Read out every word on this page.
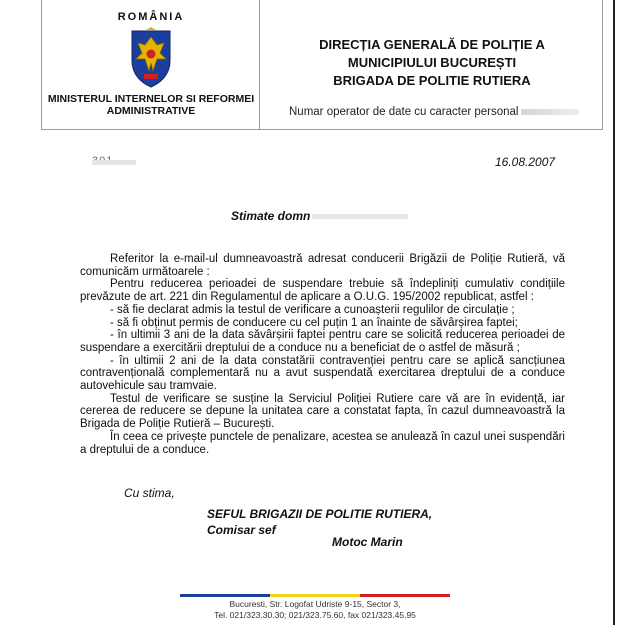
ROMÂNIA
MINISTERUL INTERNELOR SI REFORMEI
ADMINISTRATIVE
DIRECȚIA GENERALĂ DE POLIȚIE A
MUNICIPIULUI BUCUREȘTI
BRIGADA DE POLITIE RUTIERA
Numar operator de date cu caracter personal
16.08.2007
Stimate domn

Referitor la e-mail-ul dumneavoastră adresat conducerii Brigăzii de Poliție Rutieră, vă comunicăm următoarele :

Pentru reducerea perioadei de suspendare trebuie să îndepliniți cumulativ condițiile prevăzute de art. 221 din Regulamentul de aplicare a O.U.G. 195/2002 republicat, astfel :

- să fie declarat admis la testul de verificare a cunoașterii regulilor de circulație ;

- să fi obținut permis de conducere cu cel puțin 1 an înainte de săvârșirea faptei;

- în ultimii 3 ani de la data săvârșirii faptei pentru care se solicită reducerea perioadei de suspendare a exercitării dreptului de a conduce nu a beneficiat de o astfel de măsură ;

- în ultimii 2 ani de la data constatării contravenției pentru care se aplică sancțiunea contravențională complementară nu a avut suspendată exercitarea dreptului de a conduce autovehicule sau tramvaie.

Testul de verificare se susține la Serviciul Poliției Rutiere care vă are în evidență, iar cererea de reducere se depune la unitatea care a constatat fapta, în cazul dumneavoastră la Brigada de Poliție Rutieră – București.

În ceea ce privește punctele de penalizare, acestea se anulează în cazul unei suspendări a dreptului de a conduce.

Cu stima,
SEFUL BRIGAZII DE POLITIE RUTIERA,
Comisar sef
Motoc Marin
Bucuresti, Str. Logofat Udriste 9-15, Sector 3,
Tel. 021/323.30.30; 021/323.75.60, fax 021/323.45.95
